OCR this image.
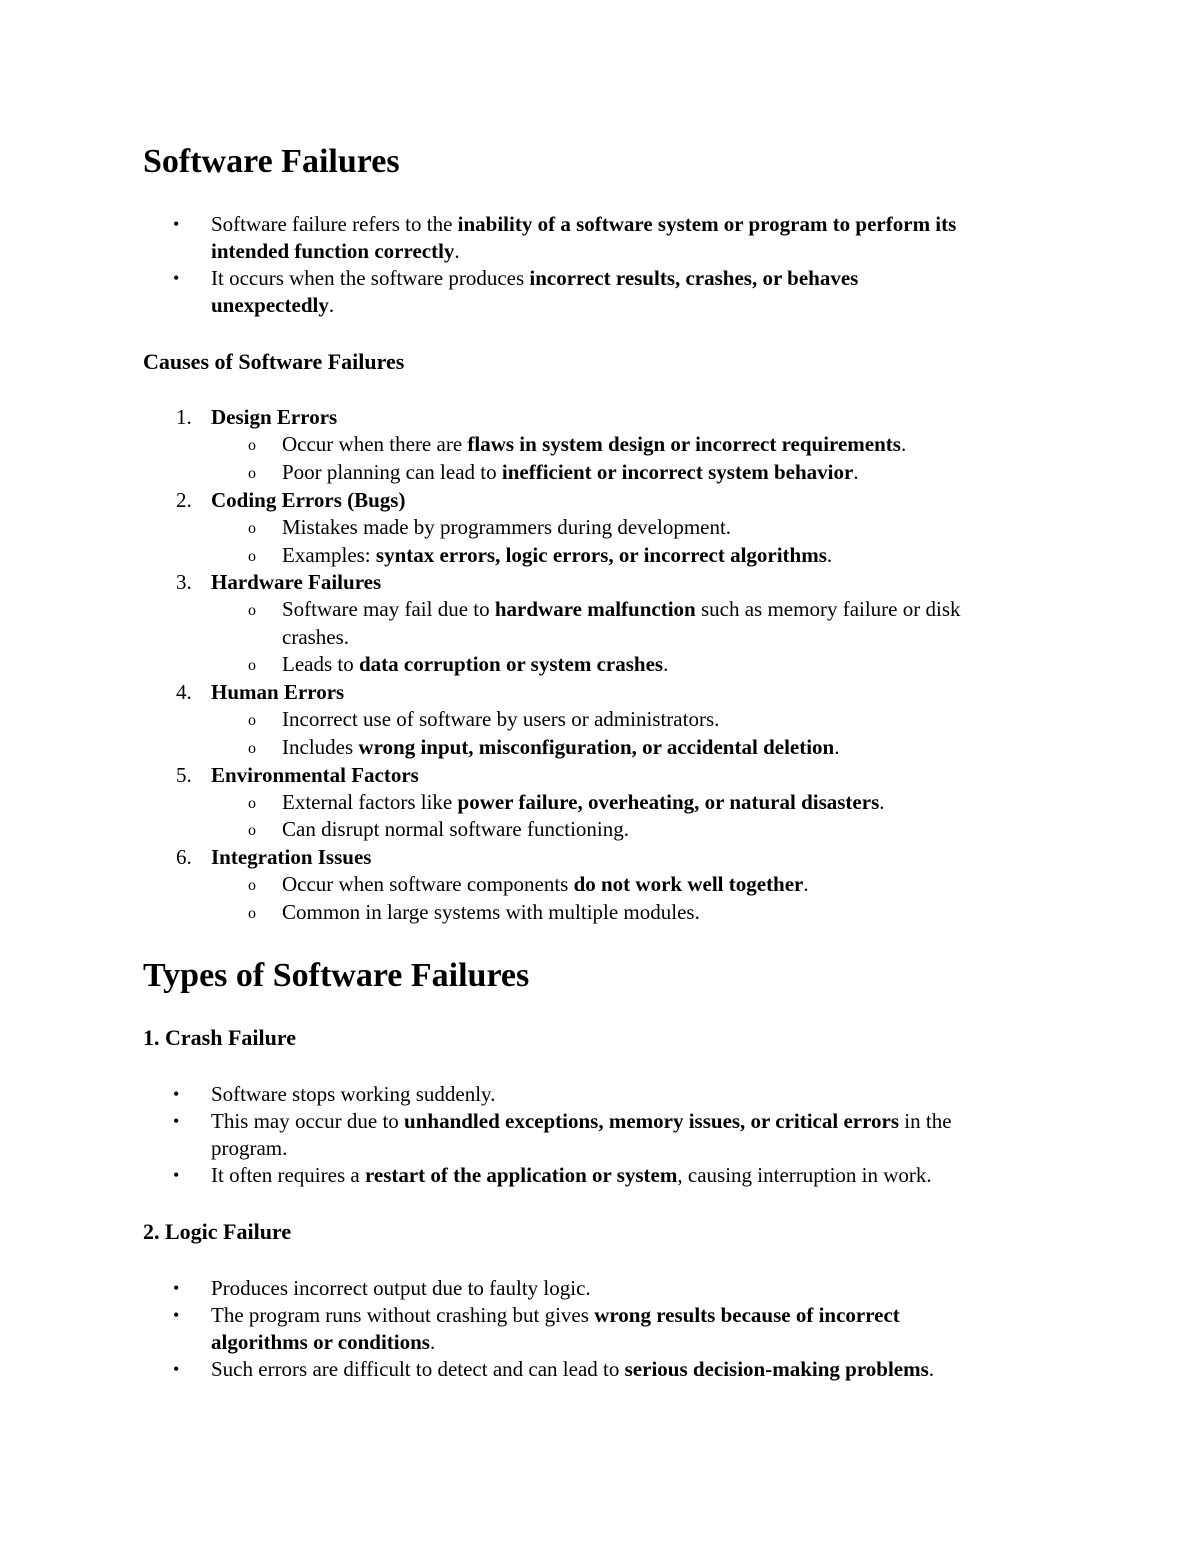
Software Failures
• Software failure refers to the inability of a software system or program to perform its

intended function correctly.

• It occurs when the software produces incorrect results, crashes, or behaves

unexpectedly.

Causes of Software Failures
1. Design Errors

o Occur when there are flaws in system design or incorrect requirements.

o Poor planning can lead to inefficient or incorrect system behavior.

2. Coding Errors (Bugs)

o Mistakes made by programmers during development.

o Examples: syntax errors, logic errors, or incorrect algorithms.

3. Hardware Failures

o Software may fail due to hardware malfunction such as memory failure or disk

crashes.

o Leads to data corruption or system crashes.

4. Human Errors

o Incorrect use of software by users or administrators.

o Includes wrong input, misconfiguration, or accidental deletion.

5. Environmental Factors

o External factors like power failure, overheating, or natural disasters.

o Can disrupt normal software functioning.

6. Integration Issues

o Occur when software components do not work well together.

o Common in large systems with multiple modules.

Types of Software Failures
1. Crash Failure
• Software stops working suddenly.

• This may occur due to unhandled exceptions, memory issues, or critical errors in the

program.

• It often requires a restart of the application or system, causing interruption in work.

2. Logic Failure
• Produces incorrect output due to faulty logic.

• The program runs without crashing but gives wrong results because of incorrect

algorithms or conditions.

• Such errors are difficult to detect and can lead to serious decision-making problems.
